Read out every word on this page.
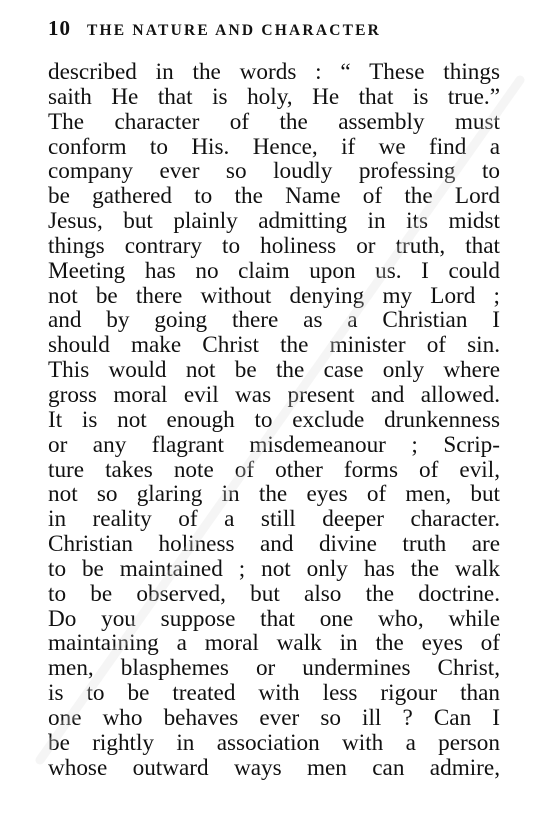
10 THE NATURE AND CHARACTER
described in the words : “ These things
saith He that is holy, He that is true.”
The character of the assembly must
conform to His. Hence, if we find a
company ever so loudly professing to
be gathered to the Name of the Lord
Jesus, but plainly admitting in its midst
things contrary to holiness or truth, that
Meeting has no claim upon us. I could
not be there without denying my Lord ;
and by going there as a Christian I
should make Christ the minister of sin.
This would not be the case only where
gross moral evil was present and allowed.
It is not enough to exclude drunkenness
or any flagrant misdemeanour ; Scrip-
ture takes note of other forms of evil,
not so glaring in the eyes of men, but
in reality of a still deeper character.
Christian holiness and divine truth are
to be maintained ; not only has the walk
to be observed, but also the doctrine.
Do you suppose that one who, while
maintaining a moral walk in the eyes of
men, blasphemes or undermines Christ,
is to be treated with less rigour than
one who behaves ever so ill ? Can I
be rightly in association with a person
whose outward ways men can admire,
